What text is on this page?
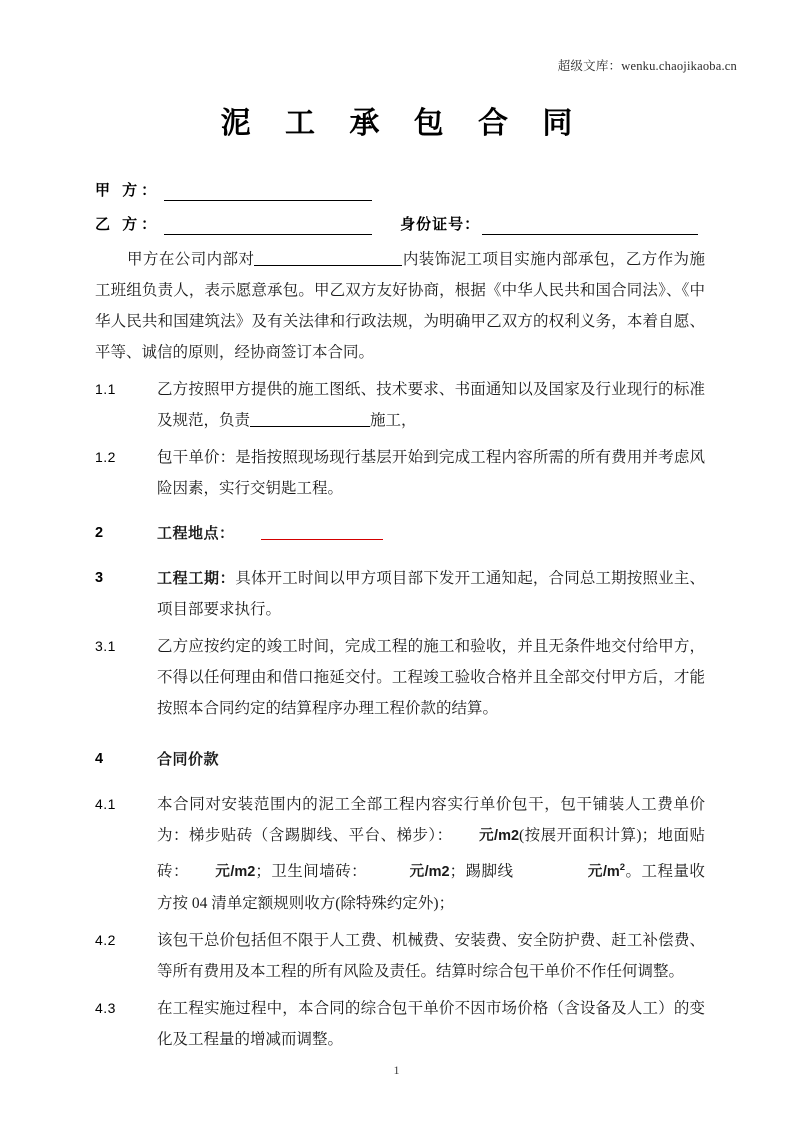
超级文库：wenku.chaojikaoba.cn
泥 工 承 包 合 同
甲 方：
乙 方：	身份证号：

甲方在公司内部对	内装饰泥工项目实施内部承包，乙方作为施工班组负责人，表示愿意承包。甲乙双方友好协商，根据《中华人民共和国合同法》、《中华人民共和国建筑法》及有关法律和行政法规，为明确甲乙双方的权利义务，本着自愿、平等、诚信的原则，经协商签订本合同。

1.1	乙方按照甲方提供的施工图纸、技术要求、书面通知以及国家及行业现行的标准及规范，负责	施工，
1.2	包干单价：是指按照现场现行基层开始到完成工程内容所需的所有费用并考虑风险因素，实行交钥匙工程。
2	工程地点：
3	工程工期：具体开工时间以甲方项目部下发开工通知起，合同总工期按照业主、项目部要求执行。
3.1	乙方应按约定的竣工时间，完成工程的施工和验收，并且无条件地交付给甲方，不得以任何理由和借口拖延交付。工程竣工验收合格并且全部交付甲方后，才能按照本合同约定的结算程序办理工程价款的结算。
4	合同价款
4.1	本合同对安装范围内的泥工全部工程内容实行单价包干，包干铺装人工费单价为：梯步贴砖（含踢脚线、平台、梯步）： 元/m2(按展开面积计算)；地面贴砖： 元/m2；卫生间墙砖：	元/m2；踢脚线	元$/m^2$。工程量收方按 04 清单定额规则收方(除特殊约定外)；
4.2	该包干总价包括但不限于人工费、机械费、安装费、安全防护费、赶工补偿费、等所有费用及本工程的所有风险及责任。结算时综合包干单价不作任何调整。
4.3	在工程实施过程中，本合同的综合包干单价不因市场价格（含设备及人工）的变化及工程量的增减而调整。
1
